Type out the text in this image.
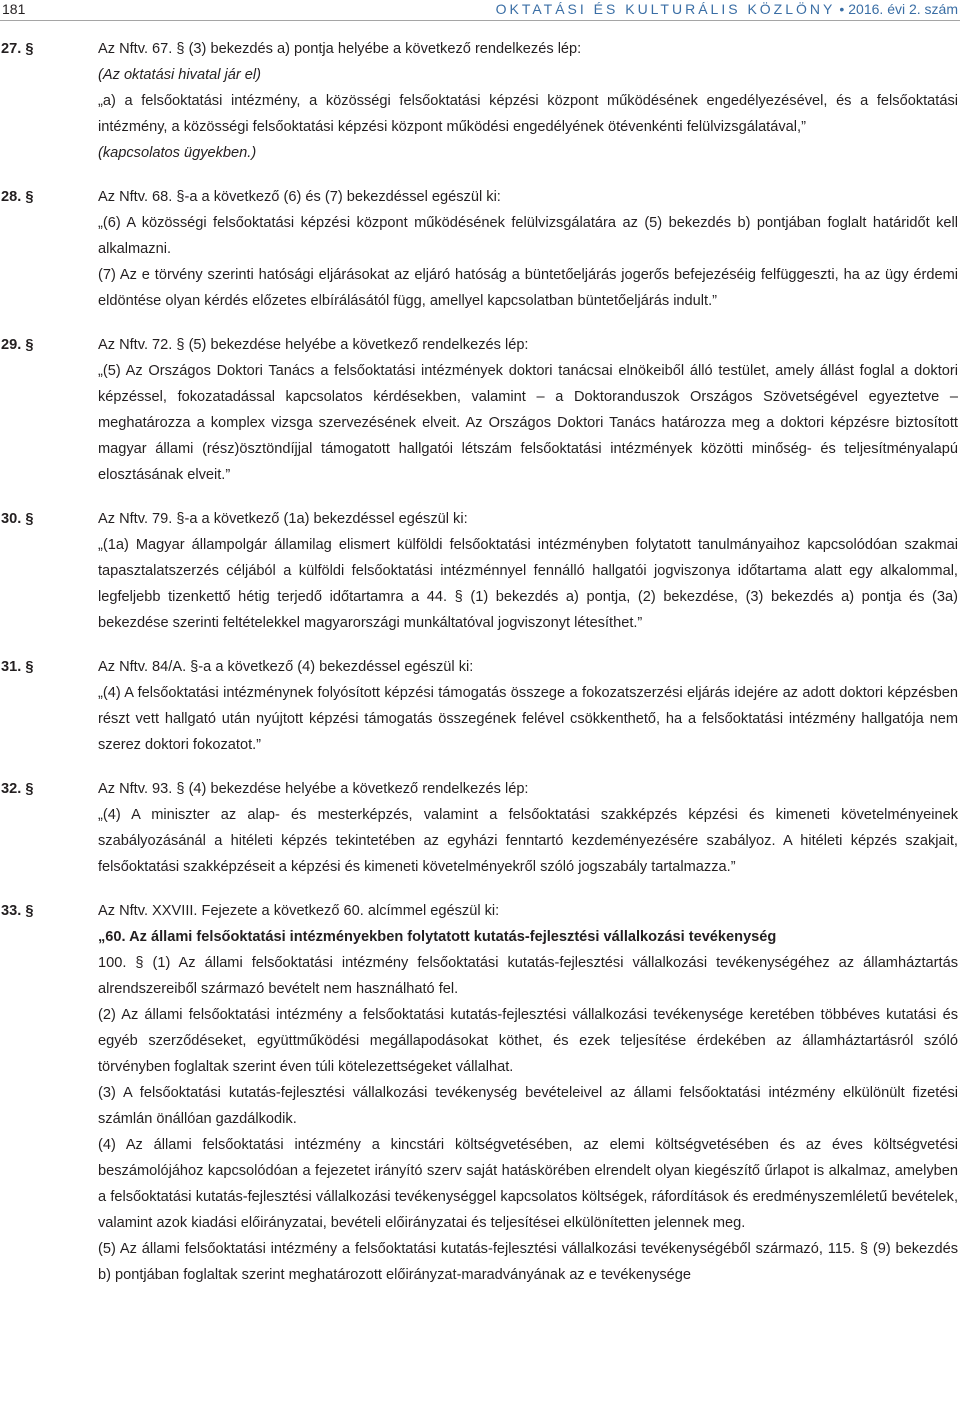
181	OKTATÁSI ÉS KULTURÁLIS KÖZLÖNY • 2016. évi 2. szám
27. §	Az Nftv. 67. § (3) bekezdés a) pontja helyébe a következő rendelkezés lép:

(Az oktatási hivatal jár el)

„a) a felsőoktatási intézmény, a közösségi felsőoktatási képzési központ működésének engedélyezésével, és a felsőoktatási intézmény, a közösségi felsőoktatási képzési központ működési engedélyének ötévenkénti felülvizsgálatával,”

(kapcsolatos ügyekben.)

28. §	Az Nftv. 68. §-a a következő (6) és (7) bekezdéssel egészül ki:

„(6) A közösségi felsőoktatási képzési központ működésének felülvizsgálatára az (5) bekezdés b) pontjában foglalt határidőt kell alkalmazni.

(7) Az e törvény szerinti hatósági eljárásokat az eljáró hatóság a büntetőeljárás jogerős befejezéséig felfüggeszti, ha az ügy érdemi eldöntése olyan kérdés előzetes elbírálásától függ, amellyel kapcsolatban büntetőeljárás indult.”

29. §	Az Nftv. 72. § (5) bekezdése helyébe a következő rendelkezés lép:

„(5) Az Országos Doktori Tanács a felsőoktatási intézmények doktori tanácsai elnökeiből álló testület, amely állást foglal a doktori képzéssel, fokozatadással kapcsolatos kérdésekben, valamint – a Doktoranduszok Országos Szövetségével egyeztetve – meghatározza a komplex vizsga szervezésének elveit. Az Országos Doktori Tanács határozza meg a doktori képzésre biztosított magyar állami (rész)ösztöndíjjal támogatott hallgatói létszám felsőoktatási intézmények közötti minőség- és teljesítményalapú elosztásának elveit.”

30. §	Az Nftv. 79. §-a a következő (1a) bekezdéssel egészül ki:

„(1a) Magyar állampolgár államilag elismert külföldi felsőoktatási intézményben folytatott tanulmányaihoz kapcsolódóan szakmai tapasztalatszerzés céljából a külföldi felsőoktatási intézménnyel fennálló hallgatói jogviszonya időtartama alatt egy alkalommal, legfeljebb tizenkettő hétig terjedő időtartamra a 44. § (1) bekezdés a) pontja, (2) bekezdése, (3) bekezdés a) pontja és (3a) bekezdése szerinti feltételekkel magyarországi munkáltatóval jogviszonyt létesíthet.”

31. §	Az Nftv. 84/A. §-a a következő (4) bekezdéssel egészül ki:

„(4) A felsőoktatási intézménynek folyósított képzési támogatás összege a fokozatszerzési eljárás idejére az adott doktori képzésben részt vett hallgató után nyújtott képzési támogatás összegének felével csökkenthető, ha a felsőoktatási intézmény hallgatója nem szerez doktori fokozatot.”

32. §	Az Nftv. 93. § (4) bekezdése helyébe a következő rendelkezés lép:

„(4) A miniszter az alap- és mesterképzés, valamint a felsőoktatási szakképzés képzési és kimeneti követelményeinek szabályozásánál a hitéleti képzés tekintetében az egyházi fenntartó kezdeményezésére szabályoz. A hitéleti képzés szakjait, felsőoktatási szakképzéseit a képzési és kimeneti követelményekről szóló jogszabály tartalmazza.”

33. §	Az Nftv. XXVIII. Fejezete a következő 60. alcímmel egészül ki:

„60. Az állami felsőoktatási intézményekben folytatott kutatás-fejlesztési vállalkozási tevékenység

100. § (1) Az állami felsőoktatási intézmény felsőoktatási kutatás-fejlesztési vállalkozási tevékenységéhez az államháztartás alrendszereiből származó bevételt nem használható fel.

(2) Az állami felsőoktatási intézmény a felsőoktatási kutatás-fejlesztési vállalkozási tevékenysége keretében többéves kutatási és egyéb szerződéseket, együttműködési megállapodásokat köthet, és ezek teljesítése érdekében az államháztartásról szóló törvényben foglaltak szerint éven túli kötelezettségeket vállalhat.

(3) A felsőoktatási kutatás-fejlesztési vállalkozási tevékenység bevételeivel az állami felsőoktatási intézmény elkülönült fizetési számlán önállóan gazdálkodik.

(4) Az állami felsőoktatási intézmény a kincstári költségvetésében, az elemi költségvetésében és az éves költségvetési beszámolójához kapcsolódóan a fejezetet irányító szerv saját hatáskörében elrendelt olyan kiegészítő űrlapot is alkalmaz, amelyben a felsőoktatási kutatás-fejlesztési vállalkozási tevékenységgel kapcsolatos költségek, ráfordítások és eredményszemléletű bevételek, valamint azok kiadási előirányzatai, bevételi előirányzatai és teljesítései elkülönítetten jelennek meg.

(5) Az állami felsőoktatási intézmény a felsőoktatási kutatás-fejlesztési vállalkozási tevékenységéből származó, 115. § (9) bekezdés b) pontjában foglaltak szerint meghatározott előirányzat-maradványának az e tevékenysége
